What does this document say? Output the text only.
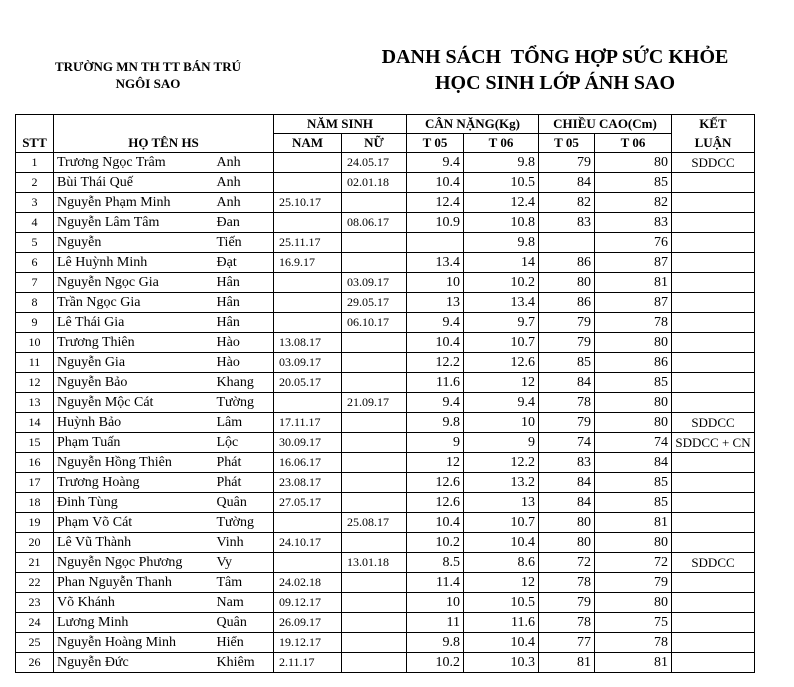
TRƯỜNG MN TH TT BÁN TRÚ
NGÔI SAO
DANH SÁCH  TỔNG HỢP SỨC KHỎE
HỌC SINH LỚP ÁNH SAO
			NĂM SINH		CÂN NẶNG(Kg)		CHIỀU CAO(Cm)		KẾT
STT	HỌ TÊN HS		NAM	NỮ	T 05	T 06	T 05	T 06	LUẬN
1	Trương Ngọc Trâm	Anh		24.05.17	9.4	9.8	79	80	SDDCC
2	Bùi Thái Quế	Anh		02.01.18	10.4	10.5	84	85	
3	Nguyễn Phạm Minh	Anh	25.10.17		12.4	12.4	82	82	
4	Nguyễn Lâm Tâm	Đan		08.06.17	10.9	10.8	83	83	
5	Nguyễn	Tiến	25.11.17			9.8		76	
6	Lê Huỳnh Minh	Đạt	16.9.17		13.4	14	86	87	
7	Nguyễn Ngọc Gia	Hân		03.09.17	10	10.2	80	81	
8	Trần Ngọc Gia	Hân		29.05.17	13	13.4	86	87	
9	Lê Thái Gia	Hân		06.10.17	9.4	9.7	79	78	
10	Trương Thiên	Hào	13.08.17		10.4	10.7	79	80	
11	Nguyễn Gia	Hào	03.09.17		12.2	12.6	85	86	
12	Nguyễn Bảo	Khang	20.05.17		11.6	12	84	85	
13	Nguyễn Mộc Cát	Tường		21.09.17	9.4	9.4	78	80	
14	Huỳnh Bảo	Lâm	17.11.17		9.8	10	79	80	SDDCC
15	Phạm Tuấn	Lộc	30.09.17		9	9	74	74	SDDCC + CN
16	Nguyễn Hồng Thiên	Phát	16.06.17		12	12.2	83	84	
17	Trương Hoàng	Phát	23.08.17		12.6	13.2	84	85	
18	Đinh Tùng	Quân	27.05.17		12.6	13	84	85	
19	Phạm Võ Cát	Tường		25.08.17	10.4	10.7	80	81	
20	Lê Vũ Thành	Vinh	24.10.17		10.2	10.4	80	80	
21	Nguyễn Ngọc Phương	Vy		13.01.18	8.5	8.6	72	72	SDDCC
22	Phan Nguyễn Thanh	Tâm	24.02.18		11.4	12	78	79	
23	Võ Khánh	Nam	09.12.17		10	10.5	79	80	
24	Lương Minh	Quân	26.09.17		11	11.6	78	75	
25	Nguyễn Hoàng Minh	Hiển	19.12.17		9.8	10.4	77	78	
26	Nguyễn Đức	Khiêm	2.11.17		10.2	10.3	81	81	
